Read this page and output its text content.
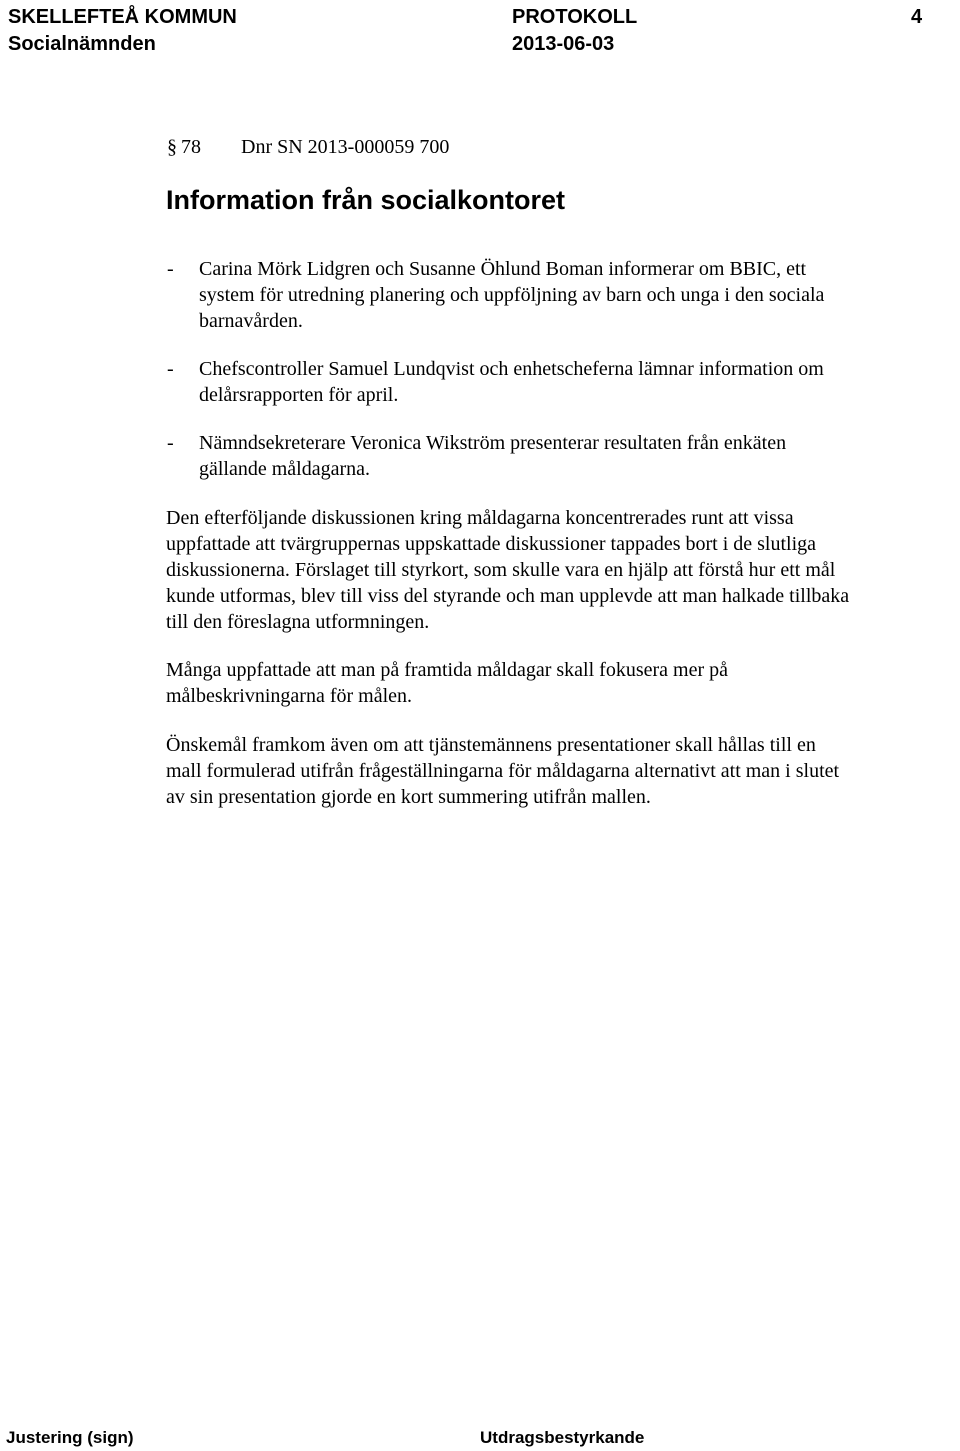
SKELLEFTEÅ KOMMUN
Socialnämnden
PROTOKOLL
2013-06-03
4
§ 78 Dnr SN 2013-000059 700
Information från socialkontoret
- Carina Mörk Lidgren och Susanne Öhlund Boman informerar om BBIC, ett system för utredning planering och uppföljning av barn och unga i den sociala barnavården.
- Chefscontroller Samuel Lundqvist och enhetscheferna lämnar information om delårsrapporten för april.
- Nämndsekreterare Veronica Wikström presenterar resultaten från enkäten gällande måldagarna.

Den efterföljande diskussionen kring måldagarna koncentrerades runt att vissa uppfattade att tvärgruppernas uppskattade diskussioner tappades bort i de slutliga diskussionerna. Förslaget till styrkort, som skulle vara en hjälp att förstå hur ett mål kunde utformas, blev till viss del styrande och man upplevde att man halkade tillbaka till den föreslagna utformningen.

Många uppfattade att man på framtida måldagar skall fokusera mer på målbeskrivningarna för målen.

Önskemål framkom även om att tjänstemännens presentationer skall hållas till en mall formulerad utifrån frågeställningarna för måldagarna alternativt att man i slutet av sin presentation gjorde en kort summering utifrån mallen.

Justering (sign)	Utdragsbestyrkande
